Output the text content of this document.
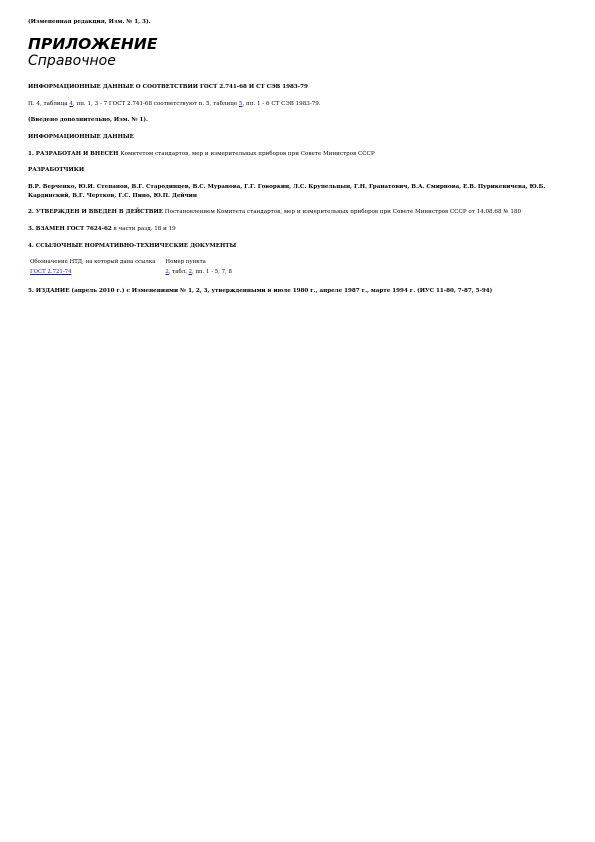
(Измененная редакция, Изм. № 1, 3).

ПРИЛОЖЕНИЕ
Справочное

ИНФОРМАЦИОННЫЕ ДАННЫЕ О СООТВЕТСТВИИ ГОСТ 2.741-68 И СТ СЭВ 1983-79

П. 4, таблица 4, пп. 1, 3 - 7 ГОСТ 2.741-68 соответствуют п. 5, таблице 5, пп. 1 - 6 СТ СЭВ 1983-79.

(Введено дополнительно, Изм. № 1).

ИНФОРМАЦИОННЫЕ ДАННЫЕ

1. РАЗРАБОТАН И ВНЕСЕН Комитетом стандартов, мер и измерительных приборов при Совете Министров СССР

РАЗРАБОТЧИКИ

В.Р. Верченко, Ю.И. Степанов, В.Г. Стародинцев, В.С. Муранова, Г.Г. Говоркин, Л.С. Крупельцын, Г.Н. Гранатович, В.А. Смирнова, Е.В. Пурикевичева, Ю.Б. Кардинский, В.Г. Чертков, Г.С. Пино, Ю.П. Дейчин

2. УТВЕРЖДЕН И ВВЕДЕН В ДЕЙСТВИЕ Постановлением Комитета стандартов, мер и измерительных приборов при Совете Министров СССР от 14.08.68 № 180

3. ВЗАМЕН ГОСТ 7624-62 в части разд. 18 и 19

4. ССЫЛОЧНЫЕ НОРМАТИВНО-ТЕХНИЧЕСКИЕ ДОКУМЕНТЫ

Обозначение НТД, на который дана ссылка	Номер пункта
ГОСТ 2.721-74	2, табл. 2, пп. 1 - 5, 7, 8

5. ИЗДАНИЕ (апрель 2010 г.) с Изменениями № 1, 2, 3, утвержденными в июле 1980 г., апреле 1987 г., марте 1994 г. (ИУС 11-80, 7-87, 5-94)
